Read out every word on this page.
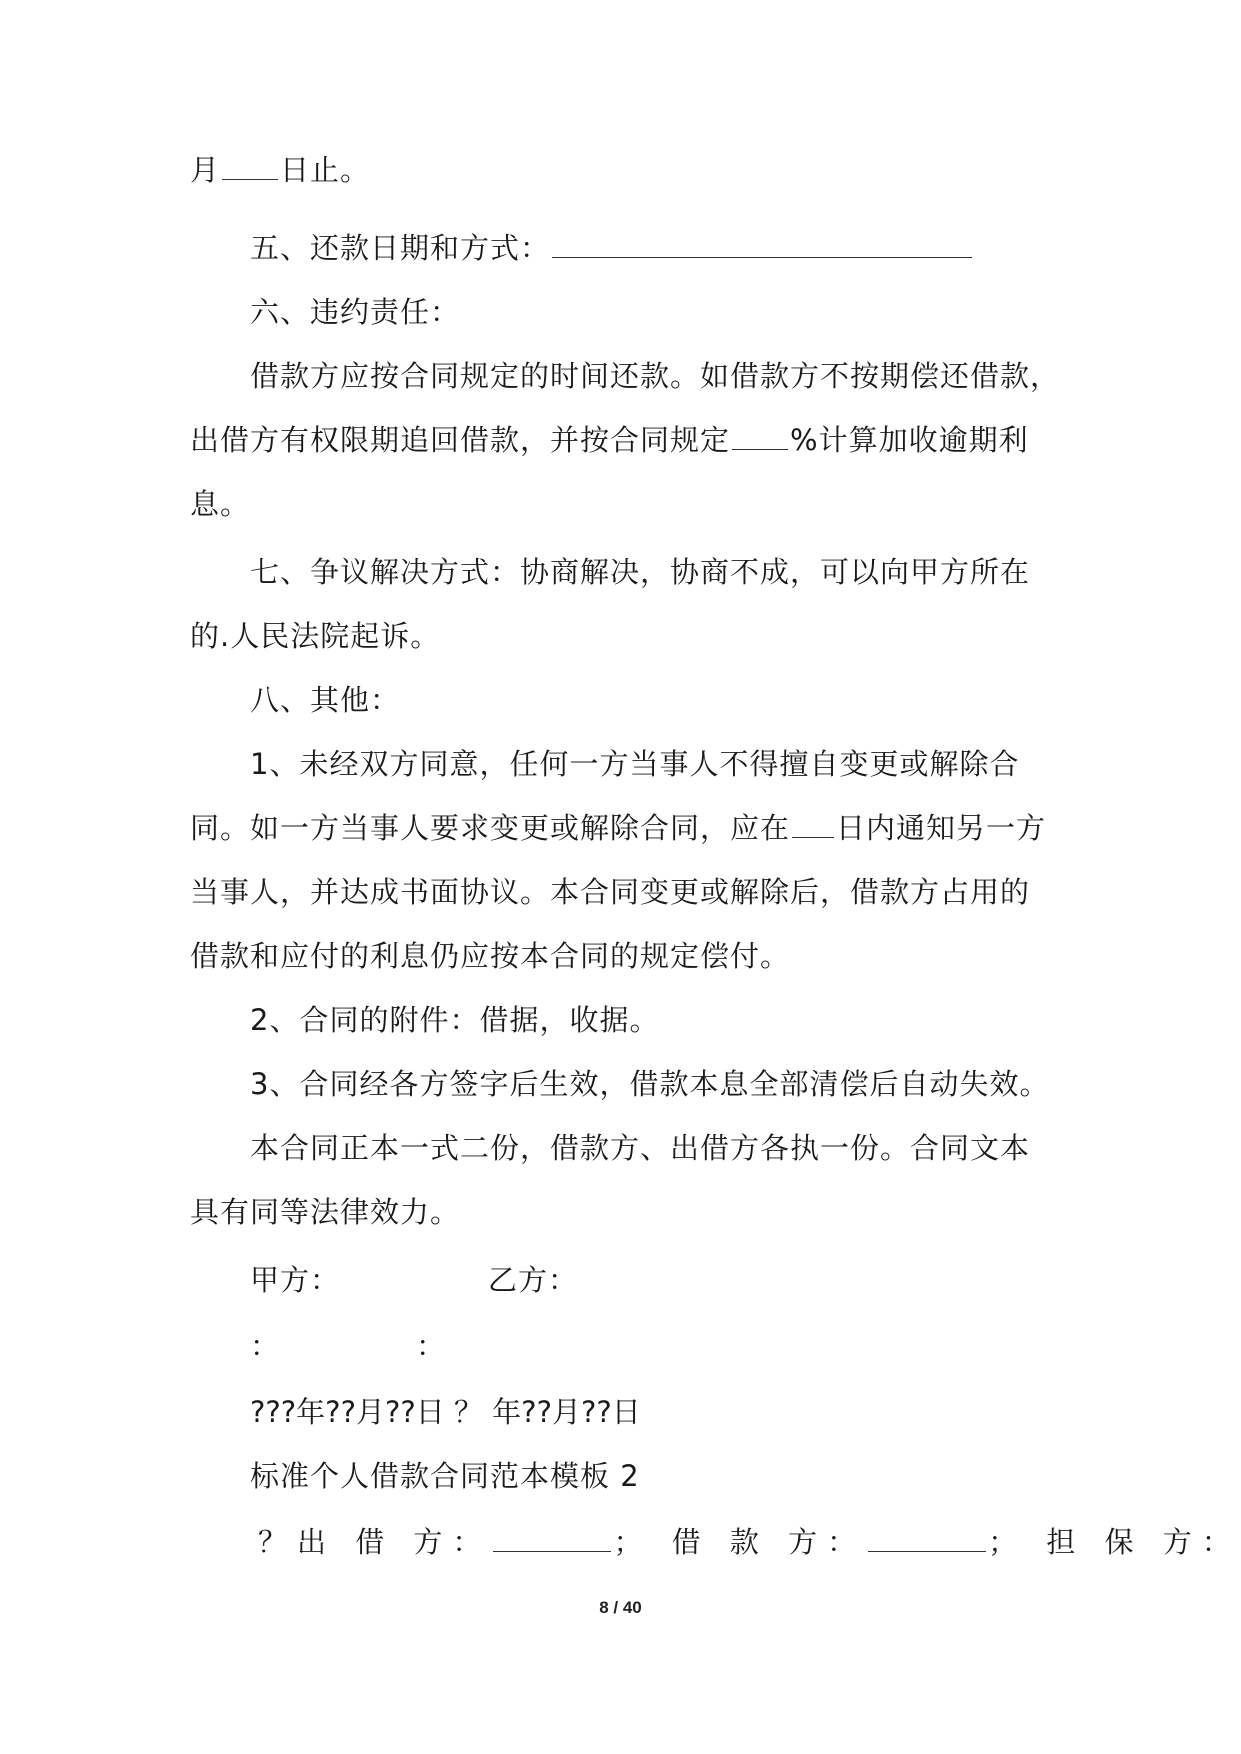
月 日止。
五、还款日期和方式：
六、违约责任：
借款方应按合同规定的时间还款。如借款方不按期偿还借款，
出借方有权限期追回借款，并按合同规定 %计算加收逾期利
息。
七、争议解决方式：协商解决，协商不成，可以向甲方所在
的.人民法院起诉。
八、其他：
1、未经双方同意，任何一方当事人不得擅自变更或解除合
同。如一方当事人要求变更或解除合同，应在 日内通知另一方
当事人，并达成书面协议。本合同变更或解除后，借款方占用的
借款和应付的利息仍应按本合同的规定偿付。
2、合同的附件：借据，收据。
3、合同经各方签字后生效，借款本息全部清偿后自动失效。
本合同正本一式二份，借款方、出借方各执一份。合同文本
具有同等法律效力。
甲方：	乙方：
：	：
???年??月??日 ？ 年??月??日
标准个人借款合同范本模板 2
？出 借 方：	； 借 款 方：	； 担 保 方：
8 / 40
